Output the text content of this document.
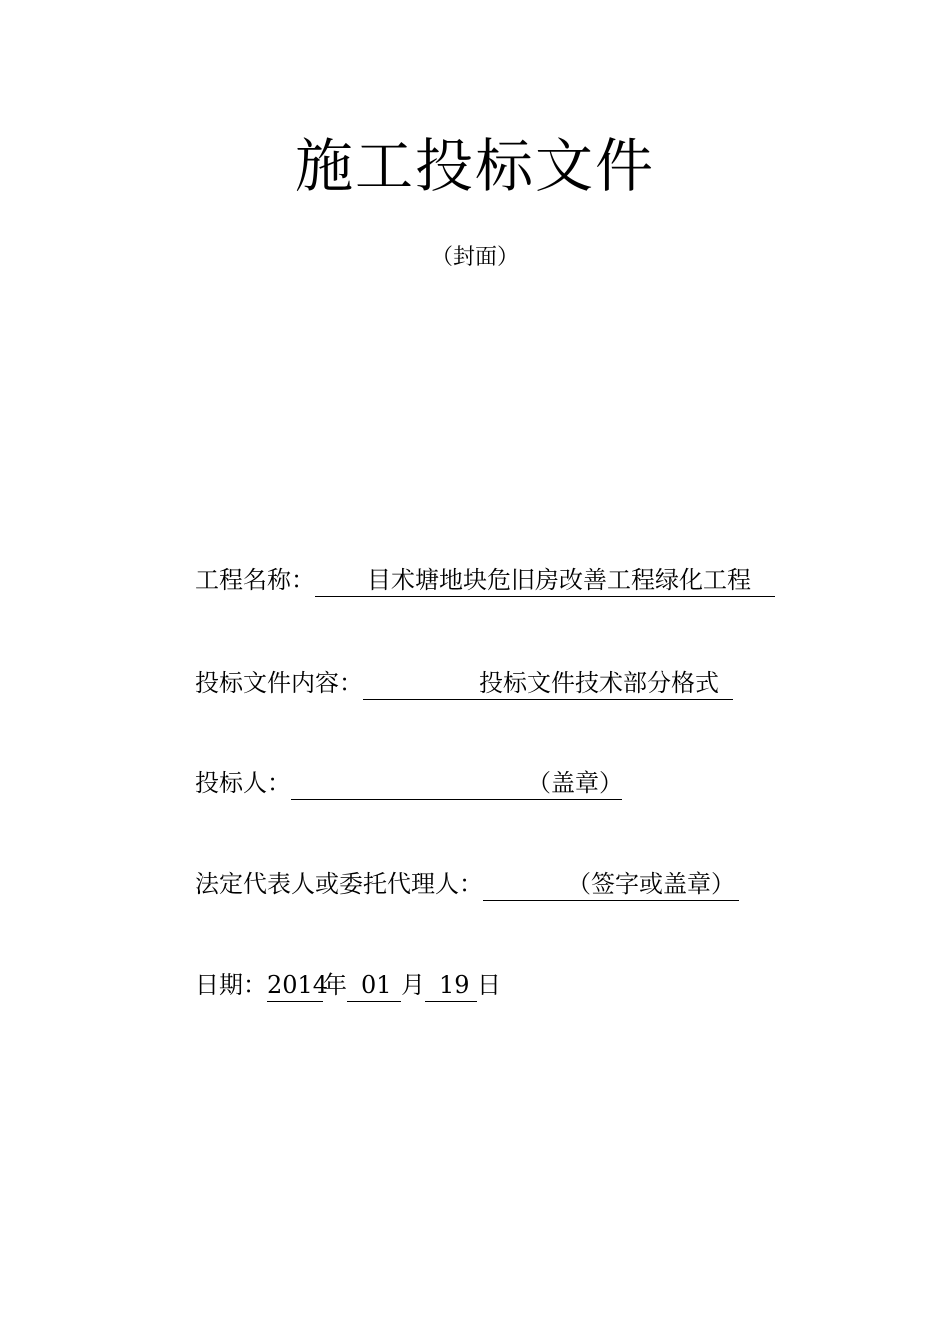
施工投标文件
（封面）
工程名称： 目术塘地块危旧房改善工程绿化工程
投标文件内容：	投标文件技术部分格式
投标人：	（盖章）
法定代表人或委托代理人：	（签字或盖章）
日期：2014年 01 月 19 日
